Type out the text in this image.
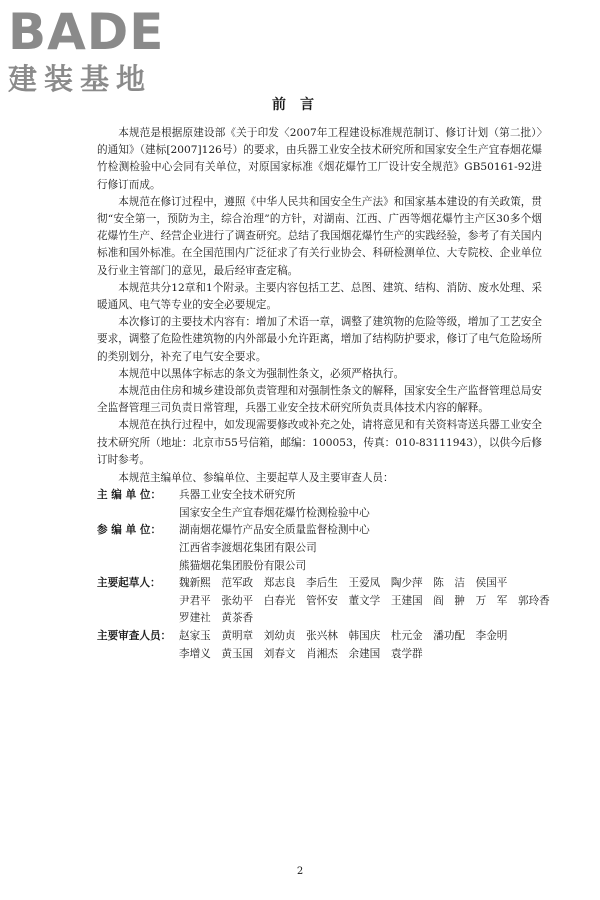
BADE
建装基地
前言

本规范是根据原建设部《关于印发〈2007年工程建设标准规范制订、修订计划（第二批）〉的通知》（建标[2007]126号）的要求，由兵器工业安全技术研究所和国家安全生产宜春烟花爆竹检测检验中心会同有关单位，对原国家标准《烟花爆竹工厂设计安全规范》GB50161-92进行修订而成。

本规范在修订过程中，遵照《中华人民共和国安全生产法》和国家基本建设的有关政策，贯彻“安全第一，预防为主，综合治理”的方针，对湖南、江西、广西等烟花爆竹主产区30多个烟花爆竹生产、经营企业进行了调查研究。总结了我国烟花爆竹生产的实践经验，参考了有关国内标准和国外标准。在全国范围内广泛征求了有关行业协会、科研检测单位、大专院校、企业单位及行业主管部门的意见，最后经审查定稿。

本规范共分12章和1个附录。主要内容包括工艺、总图、建筑、结构、消防、废水处理、采暖通风、电气等专业的安全必要规定。

本次修订的主要技术内容有：增加了术语一章，调整了建筑物的危险等级，增加了工艺安全要求，调整了危险性建筑物的内外部最小允许距离，增加了结构防护要求，修订了电气危险场所的类别划分，补充了电气安全要求。

本规范中以黑体字标志的条文为强制性条文，必须严格执行。

本规范由住房和城乡建设部负责管理和对强制性条文的解释，国家安全生产监督管理总局安全监督管理三司负责日常管理，兵器工业安全技术研究所负责具体技术内容的解释。

本规范在执行过程中，如发现需要修改或补充之处，请将意见和有关资料寄送兵器工业安全技术研究所（地址：北京市55号信箱，邮编：100053，传真：010-83111943），以供今后修订时参考。

本规范主编单位、参编单位、主要起草人及主要审查人员：

主 编 单 位：	兵器工业安全技术研究所
国家安全生产宜春烟花爆竹检测检验中心
参 编 单 位：	湖南烟花爆竹产品安全质量监督检测中心
江西省李渡烟花集团有限公司
熊猫烟花集团股份有限公司
主要起草人：	魏新熙　范军政　郑志良　李后生　王爱凤　陶少萍　陈　洁　侯国平
尹君平　张幼平　白春光　管怀安　董文学　王建国　阎　翀　万　军　郭玲香
罗建社　黄茶香
主要审查人员： 赵家玉　黄明章　刘幼贞　张兴林　韩国庆　杜元金　潘功配　李金明
李增义　黄玉国　刘春文　肖湘杰　余建国　袁学群
2
